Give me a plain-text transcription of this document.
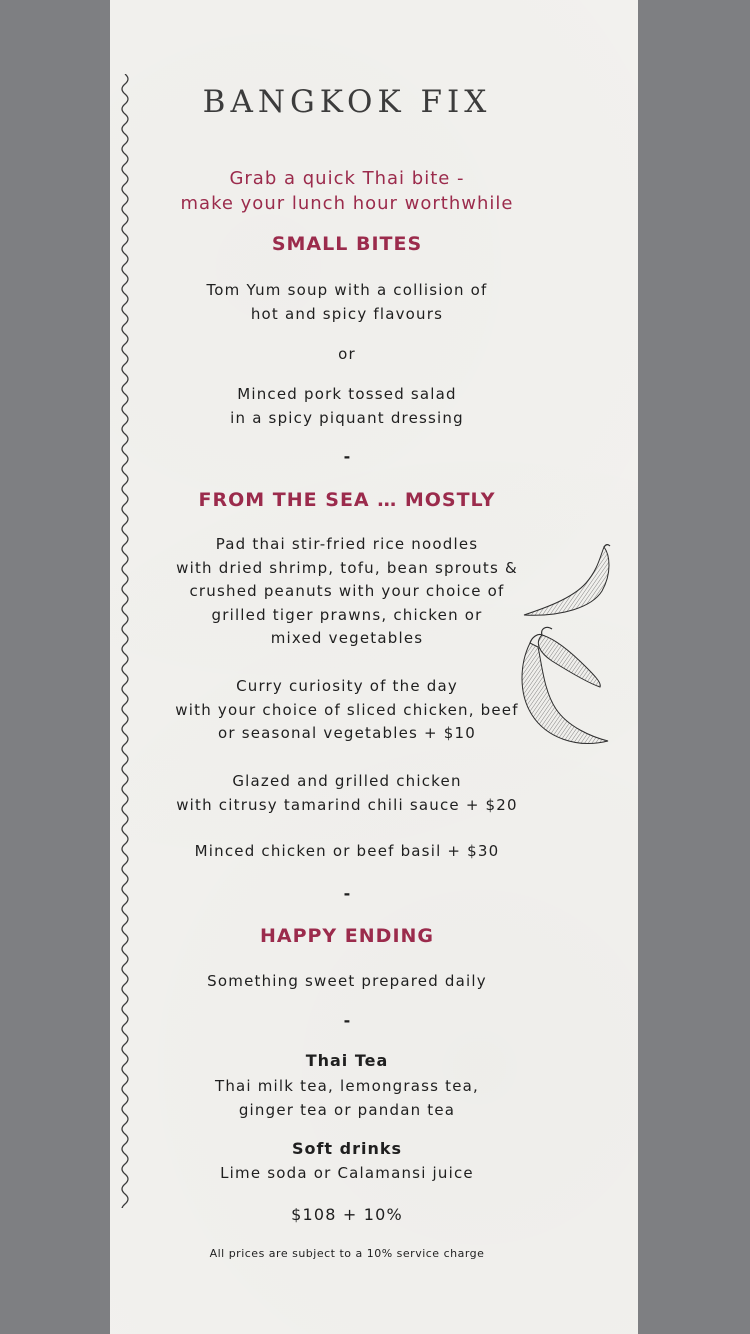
BANGKOK FIX
Grab a quick Thai bite -
make your lunch hour worthwhile
SMALL BITES
Tom Yum soup with a collision of
hot and spicy flavours
or
Minced pork tossed salad
in a spicy piquant dressing
-
FROM THE SEA … MOSTLY
Pad thai stir-fried rice noodles
with dried shrimp, tofu, bean sprouts &
crushed peanuts with your choice of
grilled tiger prawns, chicken or
mixed vegetables
Curry curiosity of the day
with your choice of sliced chicken, beef
or seasonal vegetables + $10
Glazed and grilled chicken
with citrusy tamarind chili sauce + $20
Minced chicken or beef basil + $30
-
HAPPY ENDING
Something sweet prepared daily
-
Thai Tea
Thai milk tea, lemongrass tea,
ginger tea or pandan tea
Soft drinks
Lime soda or Calamansi juice
$108 + 10%
All prices are subject to a 10% service charge
